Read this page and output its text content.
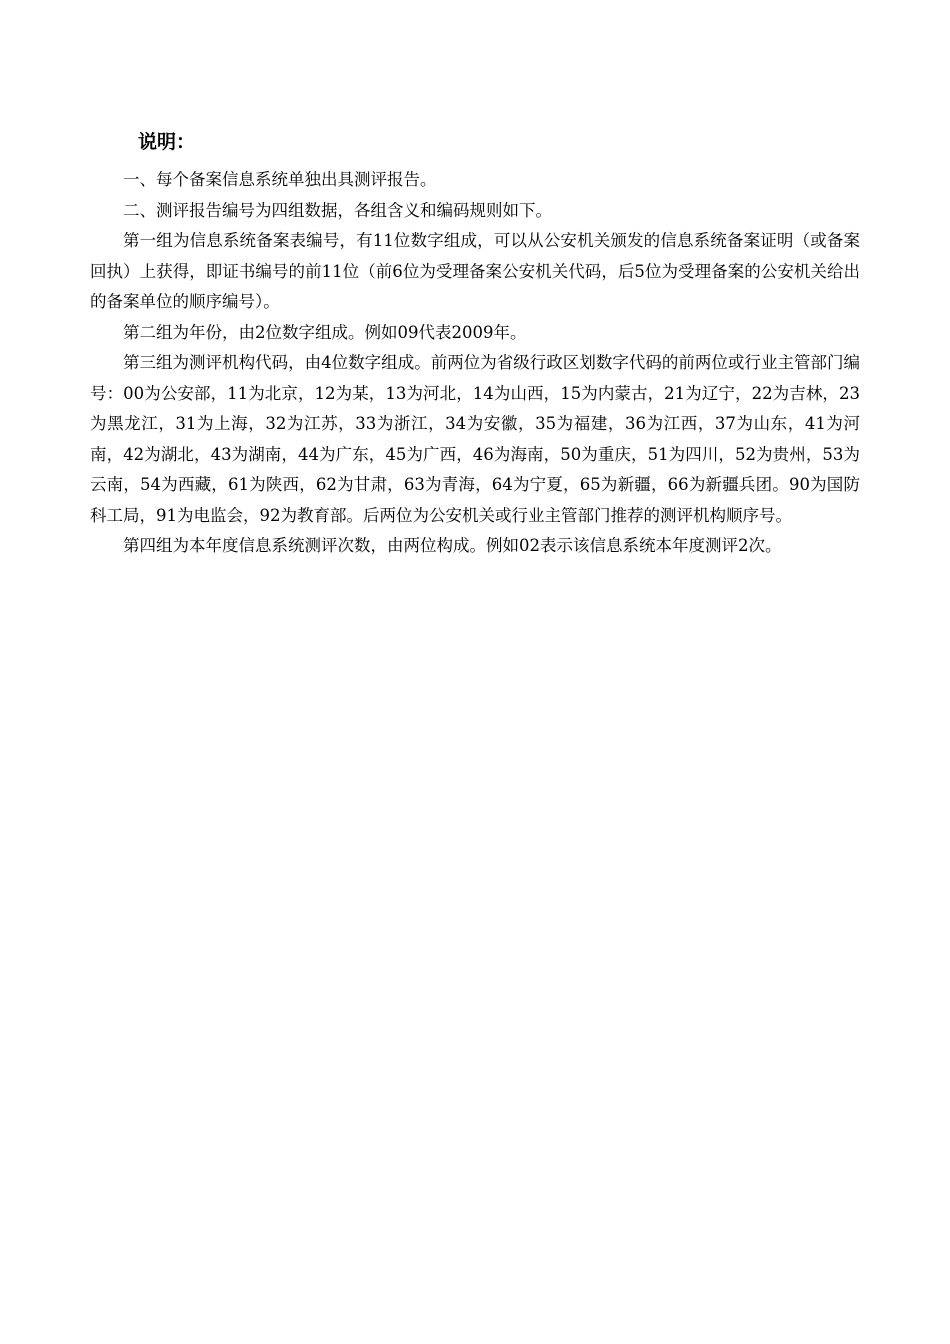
说明：

一、每个备案信息系统单独出具测评报告。

二、测评报告编号为四组数据，各组含义和编码规则如下。

第一组为信息系统备案表编号，有11位数字组成，可以从公安机关颁发的信息系统备案证明（或备案回执）上获得，即证书编号的前11位（前6位为受理备案公安机关代码，后5位为受理备案的公安机关给出的备案单位的顺序编号）。

第二组为年份，由2位数字组成。例如09代表2009年。

第三组为测评机构代码，由4位数字组成。前两位为省级行政区划数字代码的前两位或行业主管部门编号：00为公安部，11为北京，12为某，13为河北，14为山西，15为内蒙古，21为辽宁，22为吉林，23为黑龙江，31为上海，32为江苏，33为浙江，34为安徽，35为福建，36为江西，37为山东，41为河南，42为湖北，43为湖南，44为广东，45为广西，46为海南，50为重庆，51为四川，52为贵州，53为云南，54为西藏，61为陕西，62为甘肃，63为青海，64为宁夏，65为新疆，66为新疆兵团。90为国防科工局，91为电监会，92为教育部。后两位为公安机关或行业主管部门推荐的测评机构顺序号。

第四组为本年度信息系统测评次数，由两位构成。例如02表示该信息系统本年度测评2次。
